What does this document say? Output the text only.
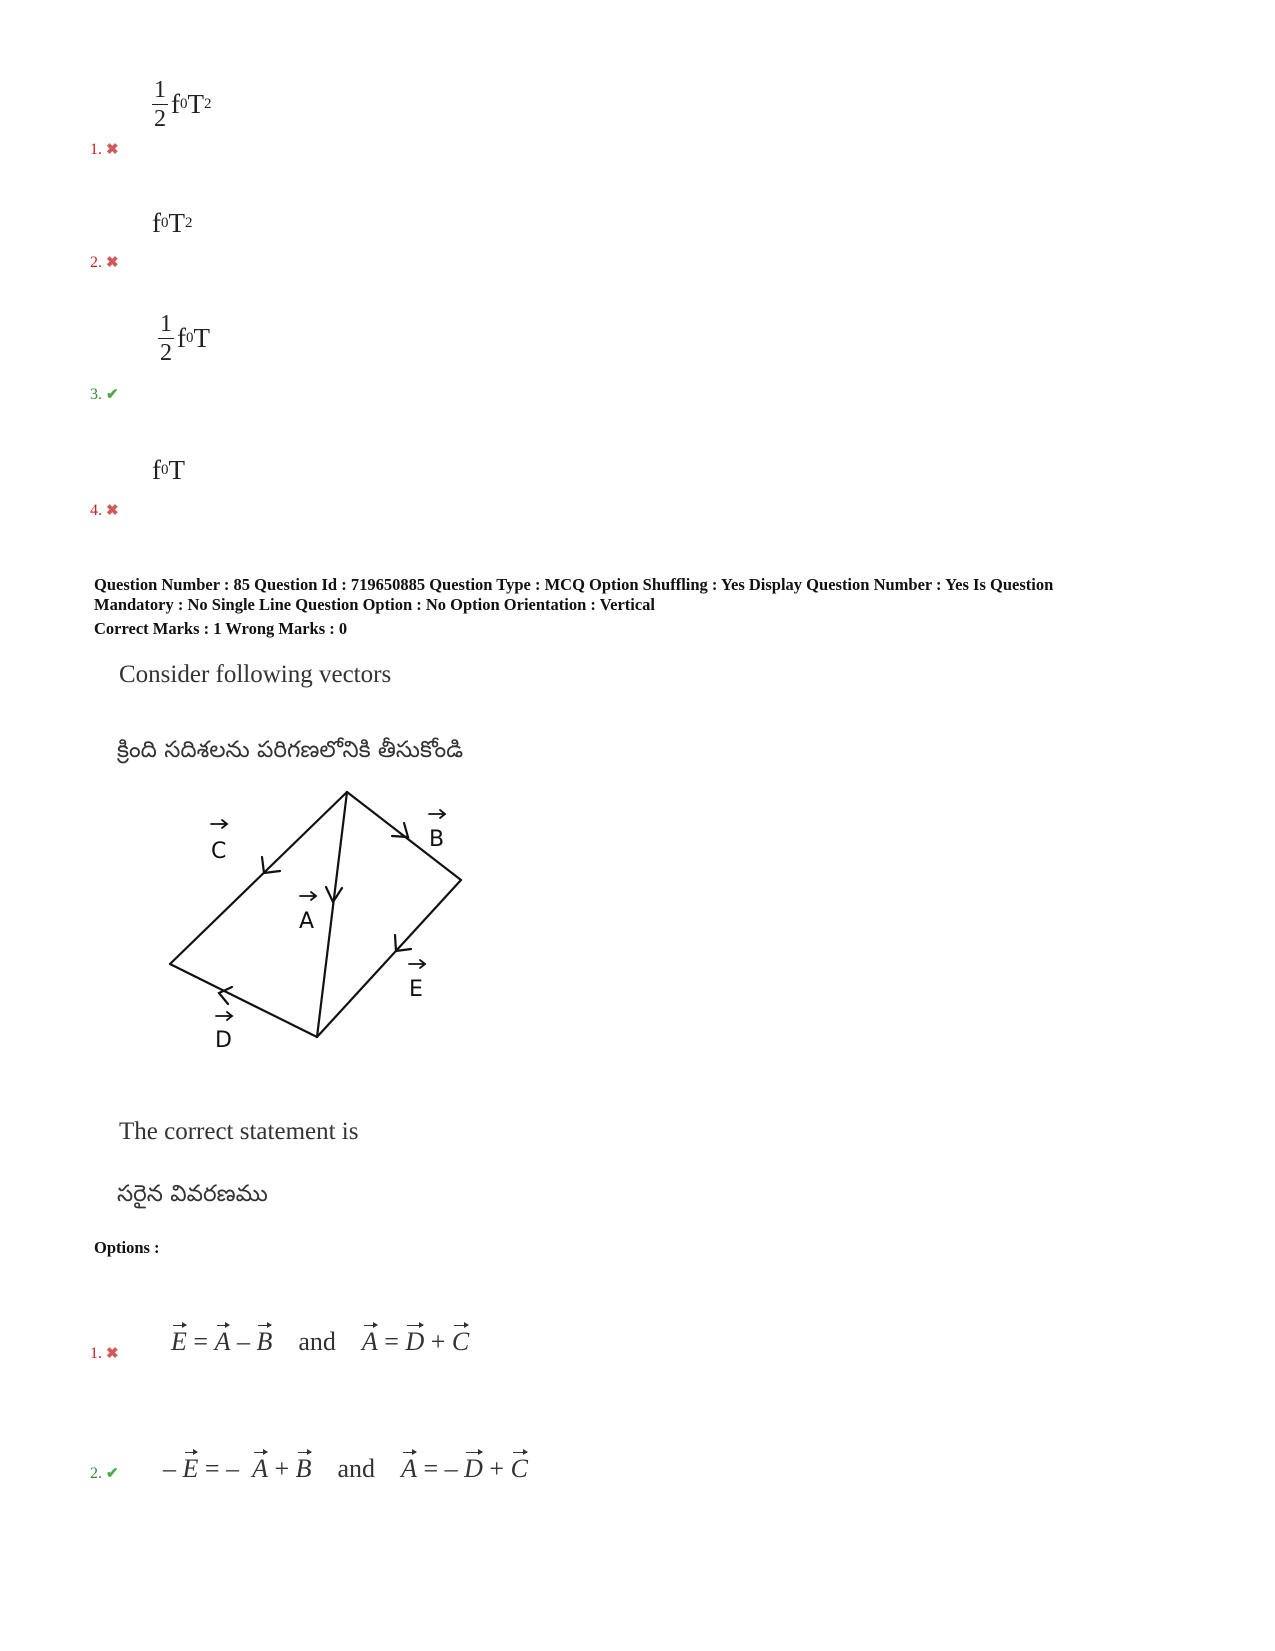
$\frac{1}{2}$ f 0 T 2
1. ✖
f 0 T 2
2. ✖
$\frac{1}{2}$ f 0 T
3. ✔
f 0 T
4. ✖
Question Number : 85 Question Id : 719650885 Question Type : MCQ Option Shuffling : Yes Display Question Number : Yes Is Question
Mandatory : No Single Line Question Option : No Option Orientation : Vertical
Correct Marks : 1 Wrong Marks : 0
Consider following vectors
క్రింది సదిశలను పరిగణలోనికి తీసుకోండి
C	B
A
E
D
The correct statement is
సరైన వివరణము
Options :

E = A – B and A = D + C

1. ✖

– E = – A + B and A = – D + C

2. ✔
